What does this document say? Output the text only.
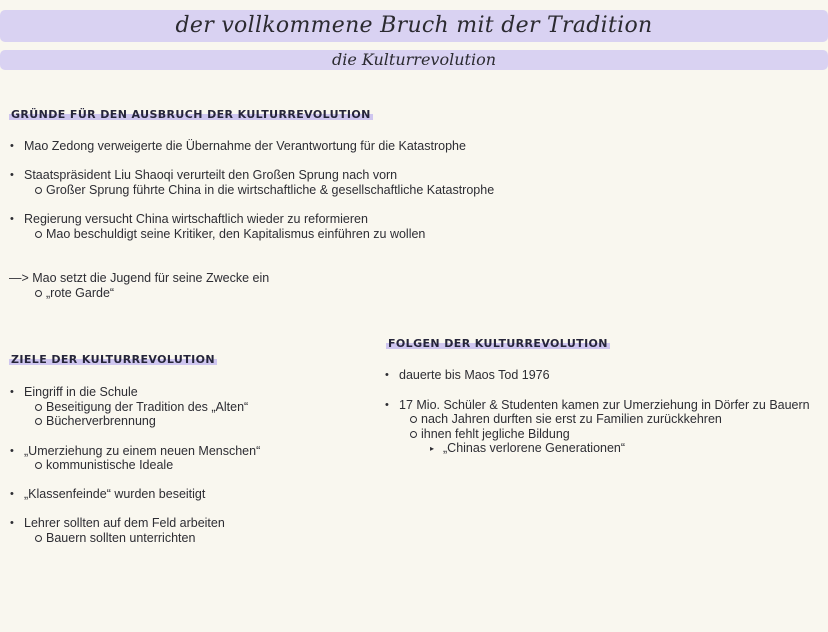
der vollkommene Bruch mit der Tradition
die Kulturrevolution
GRÜNDE FÜR DEN AUSBRUCH DER KULTURREVOLUTION
• Mao Zedong verweigerte die Übernahme der Verantwortung für die Katastrophe
• Staatspräsident Liu Shaoqi verurteilt den Großen Sprung nach vorn
Großer Sprung führte China in die wirtschaftliche & gesellschaftliche Katastrophe
• Regierung versucht China wirtschaftlich wieder zu reformieren
Mao beschuldigt seine Kritiker, den Kapitalismus einführen zu wollen
—> Mao setzt die Jugend für seine Zwecke ein
„rote Garde“
ZIELE DER KULTURREVOLUTION
• Eingriff in die Schule
Beseitigung der Tradition des „Alten“
Bücherverbrennung
• „Umerziehung zu einem neuen Menschen“
kommunistische Ideale
• „Klassenfeinde“ wurden beseitigt
• Lehrer sollten auf dem Feld arbeiten
Bauern sollten unterrichten
FOLGEN DER KULTURREVOLUTION
• dauerte bis Maos Tod 1976
• 17 Mio. Schüler & Studenten kamen zur Umerziehung in Dörfer zu Bauern
nach Jahren durften sie erst zu Familien zurückkehren
ihnen fehlt jegliche Bildung
▸ „Chinas verlorene Generationen“
